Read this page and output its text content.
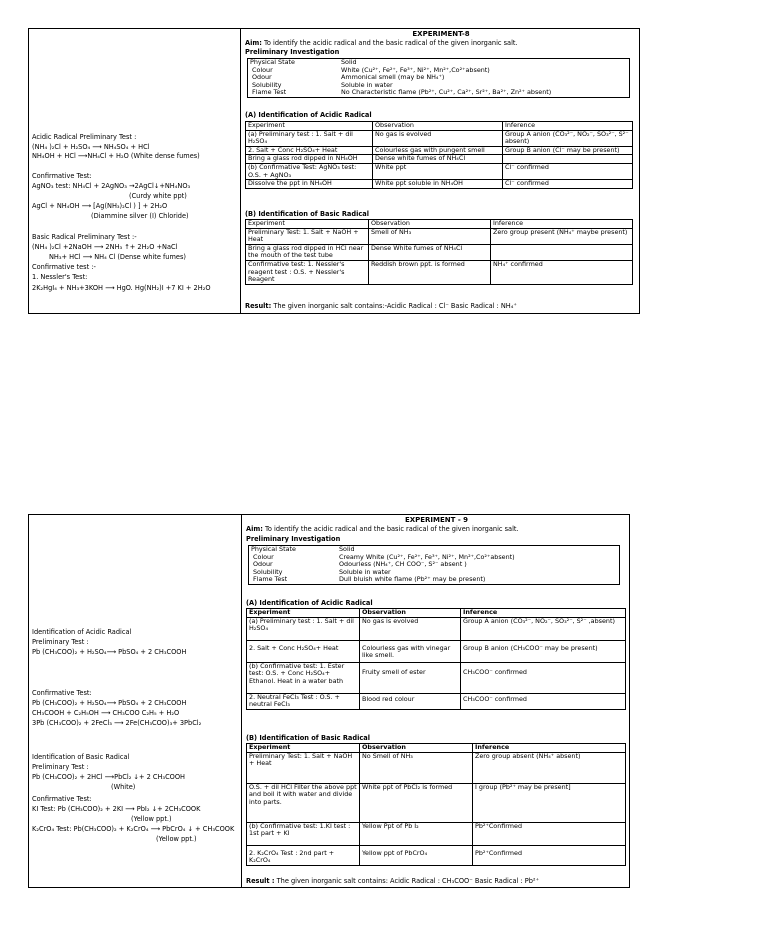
Acidic Radical Preliminary Test :
(NH₄ )₂Cl + H₂SO₄ ⟶ NH₄SO₄ + HCl
NH₄OH + HCl ⟶NH₄Cl + H₂O (White dense fumes)
Confirmative Test:
AgNO₃ test: NH₄Cl + 2AgNO₃ →2AgCl↓+NH₄NO₃
(Curdy white ppt)
AgCl + NH₄OH ⟶ [Ag(NH₃)₂Cl ) ] + 2H₂O
(Diammine silver (I) Chloride)
Basic Radical Preliminary Test :-
(NH₄ )₂Cl +2NaOH ⟶ 2NH₃ ↑+ 2H₂O +NaCl
NH₃+ HCl ⟶ NH₄ Cl (Dense white fumes)
Confirmative test :-
1. Nessler's Test:
2K₂HgI₄ + NH₃+3KOH ⟶ HgO. Hg(NH₂)I +7 KI + 2H₂O
EXPERIMENT-8
Aim: To identify the acidic radical and the basic radical of the given inorganic salt.
Preliminary Investigation
Physical State	Solid
Colour	White (Cu²⁺, Fe²⁺, Fe³⁺, Ni²⁺, Mn²⁺,Co²⁺absent)
Odour	Ammonical smell (may be NH₄⁺)
Solubility	Soluble in water
Flame Test	No Characteristic flame (Pb²⁺, Cu²⁺, Ca²⁺, Sr²⁺, Ba²⁺, Zn²⁺ absent)
(A) Identification of Acidic Radical
Experiment	Observation	Inference
(a) Preliminary test : 1. Salt + dil H₂SO₄	No gas is evolved	Group A anion (CO₃²⁻, NO₂⁻, SO₃²⁻, S²⁻ absent)
2. Salt + Conc H₂SO₄+ Heat	Colourless gas with pungent smell	Group B anion (Cl⁻ may be present)
Bring a glass rod dipped in NH₄OH	Dense white fumes of NH₄Cl	
(b) Confirmative Test: AgNO₃ test: O.S. + AgNO₃	White ppt	Cl⁻ confirmed
Dissolve the ppt in NH₄OH	White ppt soluble in NH₄OH	Cl⁻ confirmed
(B) Identification of Basic Radical
Experiment	Observation	Inference
Preliminary Test: 1. Salt + NaOH + Heat	Smell of NH₃	Zero group present (NH₄⁺ maybe present)
Bring a glass rod dipped in HCl near the mouth of the test tube	Dense White fumes of NH₄Cl	
Confirmative test: 1. Nessler's reagent test : O.S. + Nessler's Reagent	Reddish brown ppt. is formed	NH₄⁺ confirmed
Result: The given inorganic salt contains:-Acidic Radical : Cl⁻ Basic Radical : NH₄⁺
Identification of Acidic Radical
Preliminary Test :
Pb (CH₃COO)₂ + H₂SO₄⟶ PbSO₄ + 2 CH₃COOH
Confirmative Test:
Pb (CH₃COO)₂ + H₂SO₄⟶ PbSO₄ + 2 CH₃COOH
CH₃COOH + C₂H₅OH ⟶ CH₃COO C₂H₅ + H₂O
3Pb (CH₃COO)₂ + 2FeCl₃ ⟶ 2Fe(CH₃COO)₃+ 3PbCl₂
Identification of Basic Radical
Preliminary Test :
Pb (CH₃COO)₂ + 2HCl ⟶PbCl₂ ↓+ 2 CH₃COOH
(White)
Confirmative Test:
KI Test: Pb (CH₃COO)₂ + 2KI ⟶ PbI₂ ↓+ 2CH₃COOK
(Yellow ppt.)
K₂CrO₄ Test: Pb(CH₃COO)₂ + K₂CrO₄ ⟶ PbCrO₄ ↓ + CH₃COOK
(Yellow ppt.)
EXPERIMENT - 9
Aim: To identify the acidic radical and the basic radical of the given inorganic salt.
Preliminary Investigation
Physical State	Solid
Colour	Creamy White (Cu²⁺, Fe²⁺, Fe³⁺, Ni²⁺, Mn²⁺,Co²⁺absent)
Odour	Odourless (NH₄⁺, CH COO⁻, S²⁻ absent )
Solubility	Soluble in water
Flame Test	Dull bluish white flame (Pb²⁺ may be present)
(A) Identification of Acidic Radical
Experiment	Observation	Inference
(a) Preliminary test : 1. Salt + dil H₂SO₄	No gas is evolved	Group A anion (CO₃²⁻, NO₂⁻, SO₃²⁻, S²⁻ ,absent)
2. Salt + Conc H₂SO₄+ Heat	Colourless gas with vinegar like smell.	Group B anion (CH₃COO⁻ may be present)
(b) Confirmative test: 1. Ester test: O.S. + Conc H₂SO₄+ Ethanol. Heat in a water bath	Fruity smell of ester	CH₃COO⁻ confirmed
2. Neutral FeCl₃ Test : O.S. + neutral FeCl₃	Blood red colour	CH₃COO⁻ confirmed
(B) Identification of Basic Radical
Experiment	Observation	Inference
Preliminary Test: 1. Salt + NaOH + Heat	No Smell of NH₃	Zero group absent (NH₄⁺ absent)
O.S. + dil HCl Filter the above ppt and boil it with water and divide into parts.	White ppt of PbCl₂ is formed	I group (Pb²⁺ may be present]
(b) Confirmative test: 1.KI test : 1st part + KI	Yellow Ppt of Pb I₂	Pb²⁺Confirmed
2. K₂CrO₄ Test : 2nd part + K₂CrO₄	Yellow ppt of PbCrO₄	Pb²⁺Confirmed
Result : The given inorganic salt contains: Acidic Radical : CH₃COO⁻ Basic Radical : Pb²⁺
